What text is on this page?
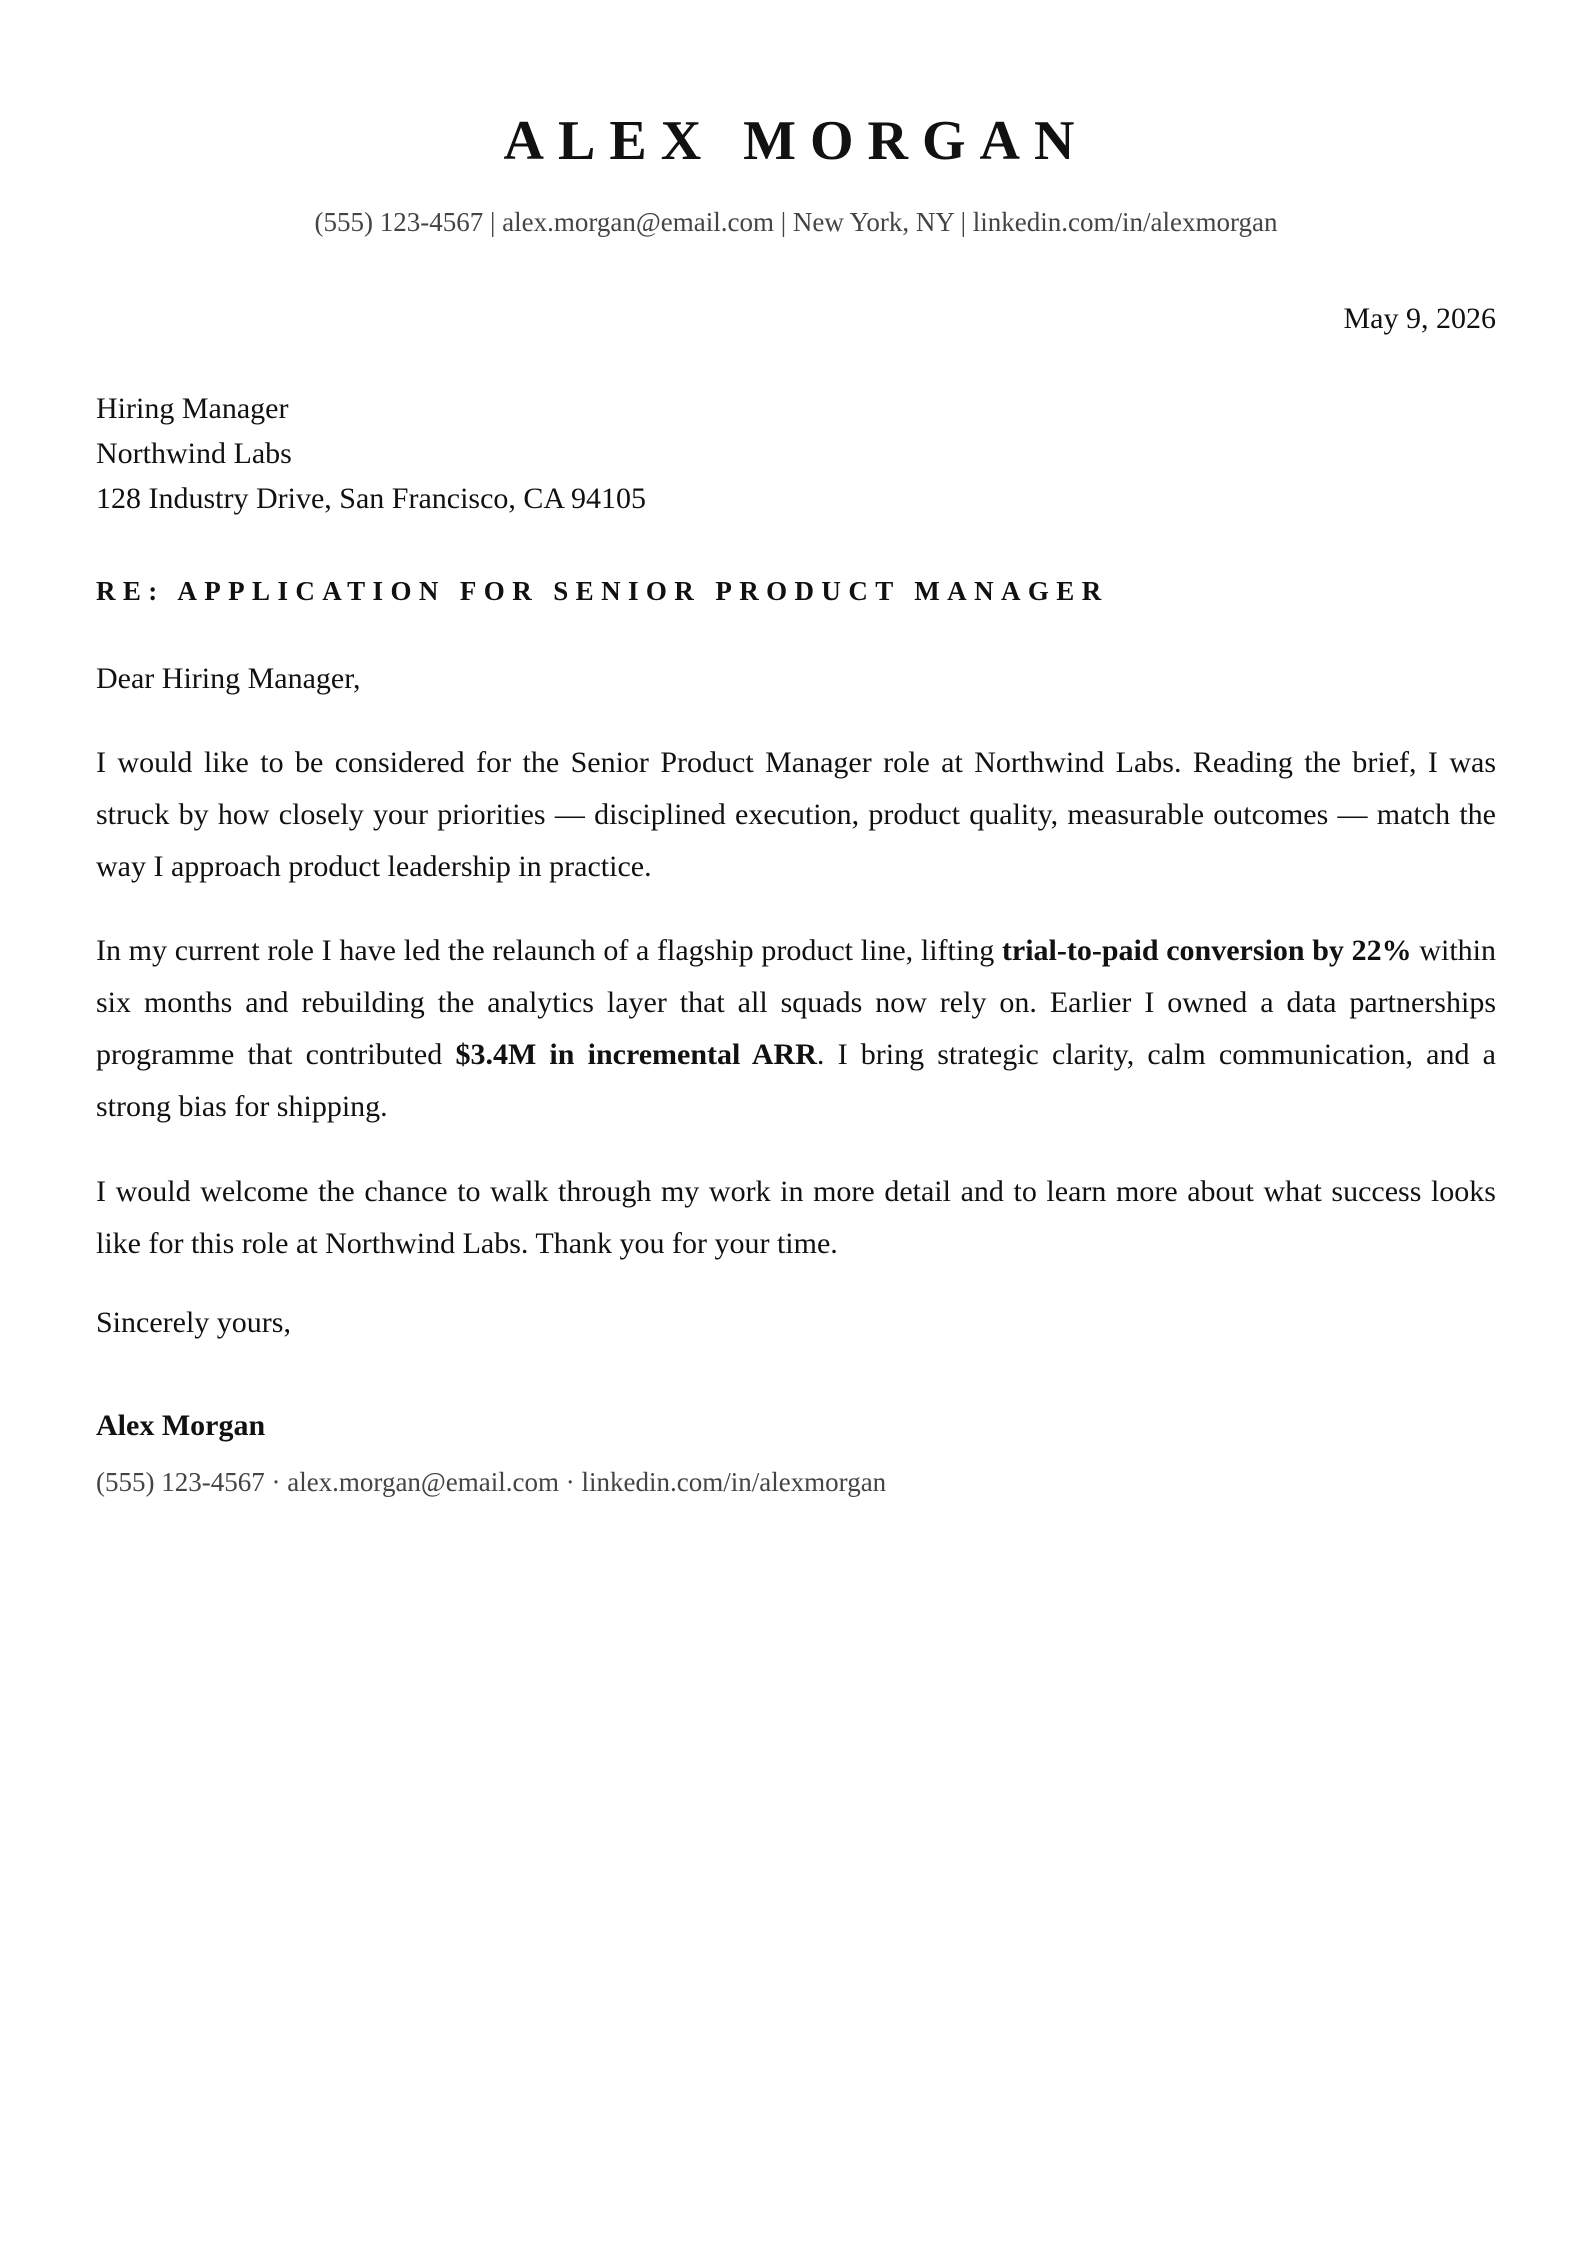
ALEX MORGAN
(555) 123-4567 | alex.morgan@email.com | New York, NY | linkedin.com/in/alexmorgan
May 9, 2026
Hiring Manager
Northwind Labs
128 Industry Drive, San Francisco, CA 94105
RE: APPLICATION FOR SENIOR PRODUCT MANAGER
Dear Hiring Manager,
I would like to be considered for the Senior Product Manager role at Northwind Labs. Reading the brief, I was struck by how closely your priorities — disciplined execution, product quality, measurable outcomes — match the way I approach product leadership in practice.
In my current role I have led the relaunch of a flagship product line, lifting trial-to-paid conversion by 22% within six months and rebuilding the analytics layer that all squads now rely on. Earlier I owned a data partnerships programme that contributed $3.4M in incremental ARR. I bring strategic clarity, calm communication, and a strong bias for shipping.
I would welcome the chance to walk through my work in more detail and to learn more about what success looks like for this role at Northwind Labs. Thank you for your time.
Sincerely yours,
Alex Morgan
(555) 123-4567 · alex.morgan@email.com · linkedin.com/in/alexmorgan
